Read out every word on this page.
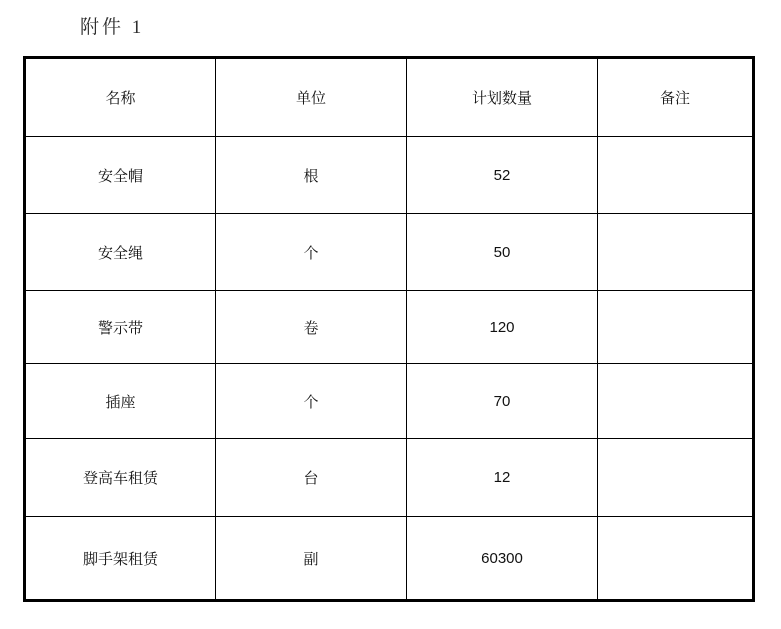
附件 1
名称	单位	计划数量	备注
安全帽	根	52	
安全绳	个	50	
警示带	卷	120	
插座	个	70	
登高车租赁	台	12	
脚手架租赁	副	60300	
